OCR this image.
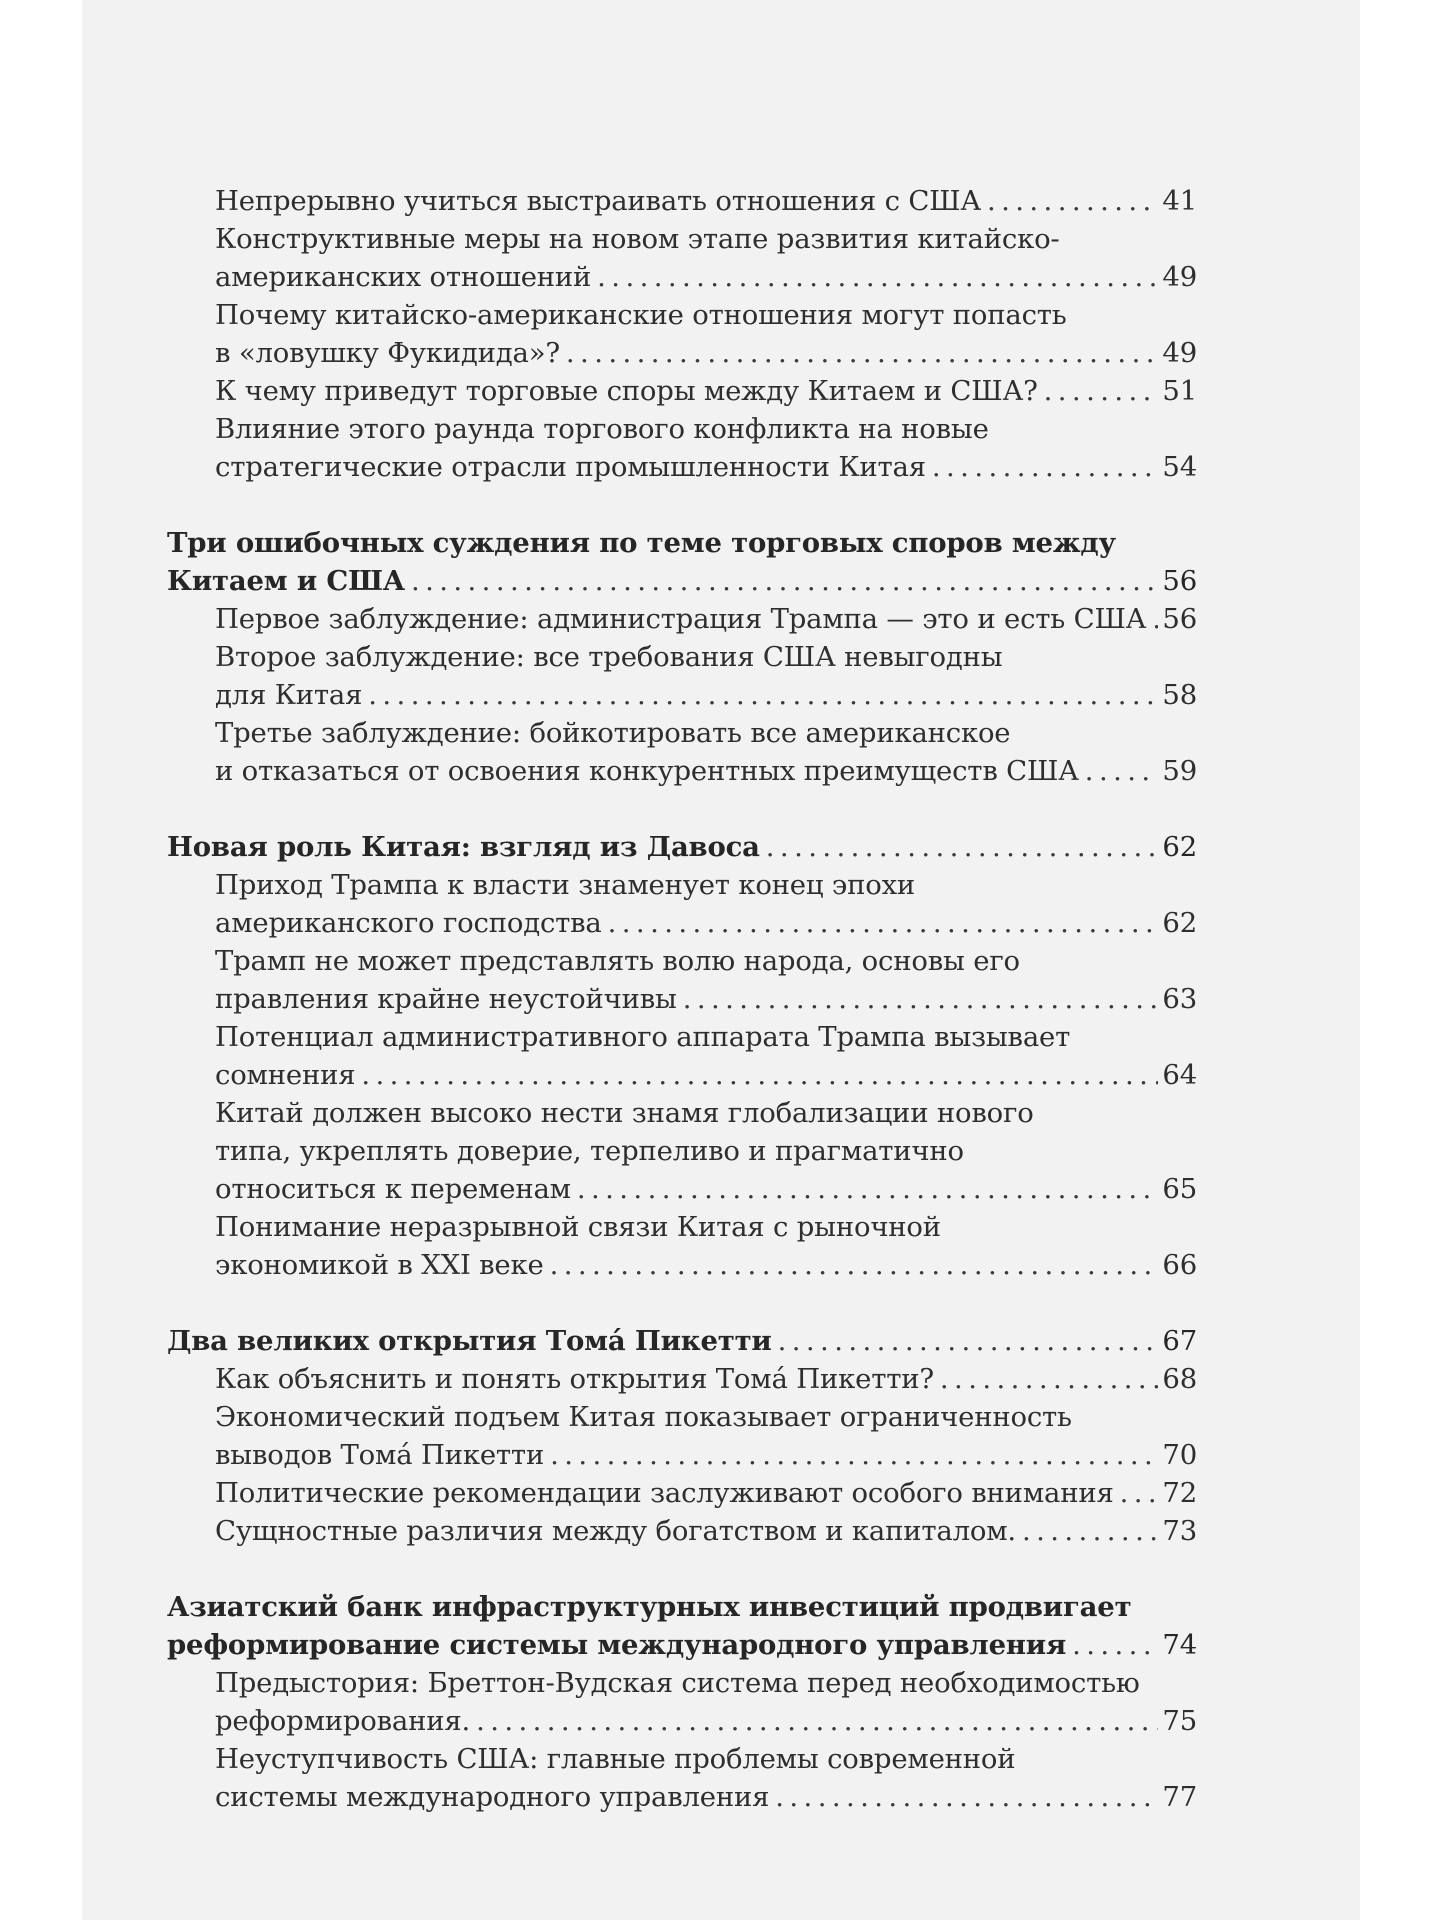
Непрерывно учиться выстраивать отношения с США .....	41
Конструктивные меры на новом этапе развития китайско-
американских отношений .....	49
Почему китайско-американские отношения могут попасть
в «ловушку Фукидида»? .....	49
К чему приведут торговые споры между Китаем и США? .....	51
Влияние этого раунда торгового конфликта на новые
стратегические отрасли промышленности Китая .....	54
Три ошибочных суждения по теме торговых споров между
Китаем и США .....	56
Первое заблуждение: администрация Трампа — это и есть США ..... 56
Второе заблуждение: все требования США невыгодны
для Китая .....	58
Третье заблуждение: бойкотировать все американское
и отказаться от освоения конкурентных преимуществ США .....	59
Новая роль Китая: взгляд из Давоса .....	62
Приход Трампа к власти знаменует конец эпохи
американского господства .....	62
Трамп не может представлять волю народа, основы его
правления крайне неустойчивы .....	63
Потенциал административного аппарата Трампа вызывает
сомнения .....	64
Китай должен высоко нести знамя глобализации нового
типа, укреплять доверие, терпеливо и прагматично
относиться к переменам .....	65
Понимание неразрывной связи Китая с рыночной
экономикой в XXI веке .....	66
Два великих открытия Тома́ Пикетти .....	67
Как объяснить и понять открытия Тома́ Пикетти? .....	68
Экономический подъем Китая показывает ограниченность
выводов Тома́ Пикетти .....	70
Политические рекомендации заслуживают особого внимания ..... 72
Сущностные различия между богатством и капиталом. .....	73
Азиатский банк инфраструктурных инвестиций продвигает
реформирование системы международного управления .....	74
Предыстория: Бреттон-Вудская система перед необходимостью
реформирования. .....	75
Неуступчивость США: главные проблемы современной
системы международного управления .....	77
